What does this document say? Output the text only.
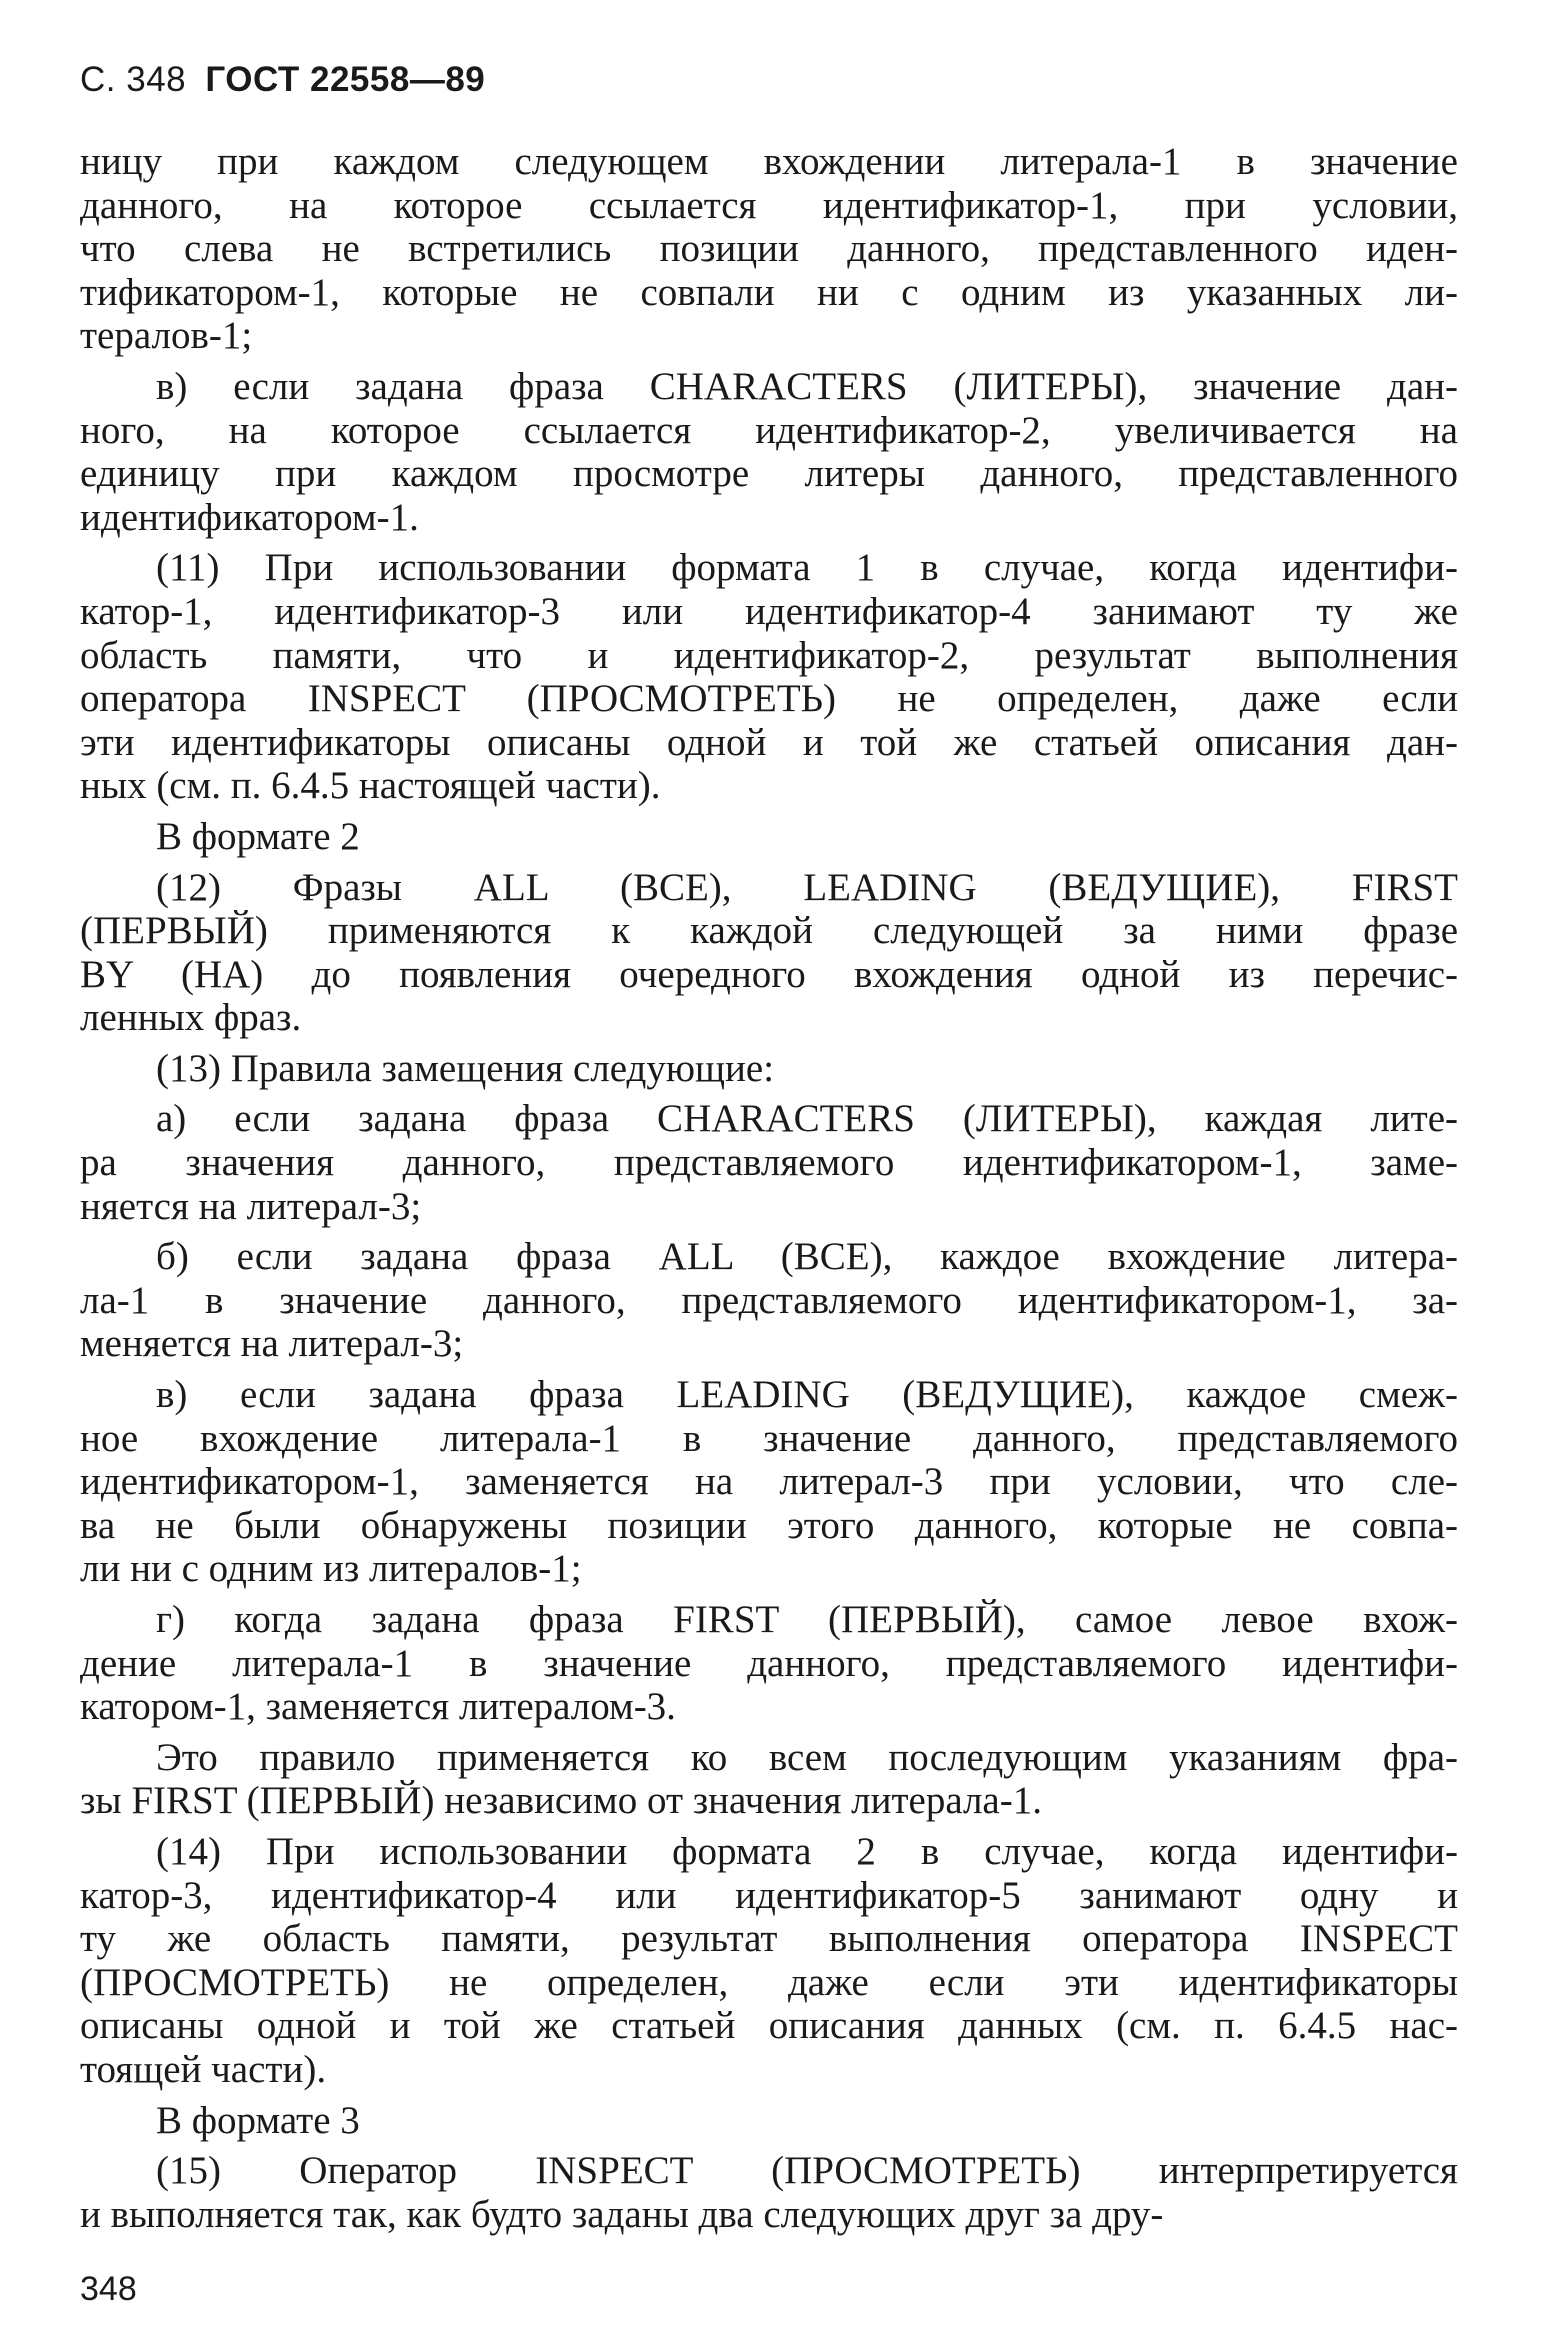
С. 348 ГОСТ 22558—89
ницу при каждом следующем вхождении литерала-1 в значение
данного, на которое ссылается идентификатор-1, при условии,
что слева не встретились позиции данного, представленного иден-
тификатором-1, которые не совпали ни с одним из указанных ли-
тералов-1;
в) если задана фраза CHARACTERS (ЛИТЕРЫ), значение дан-
ного, на которое ссылается идентификатор-2, увеличивается на
единицу при каждом просмотре литеры данного, представленного
идентификатором-1.
(11) При использовании формата 1 в случае, когда идентифи-
катор-1, идентификатор-3 или идентификатор-4 занимают ту же
область памяти, что и идентификатор-2, результат выполнения
оператора INSPECT (ПРОСМОТРЕТЬ) не определен, даже если
эти идентификаторы описаны одной и той же статьей описания дан-
ных (см. п. 6.4.5 настоящей части).
В формате 2
(12) Фразы ALL (ВСЕ), LEADING (ВЕДУЩИЕ), FIRST
(ПЕРВЫЙ) применяются к каждой следующей за ними фразе
BY (НА) до появления очередного вхождения одной из перечис-
ленных фраз.
(13) Правила замещения следующие:
а) если задана фраза CHARACTERS (ЛИТЕРЫ), каждая лите-
ра значения данного, представляемого идентификатором-1, заме-
няется на литерал-3;
б) если задана фраза ALL (ВСЕ), каждое вхождение литера-
ла-1 в значение данного, представляемого идентификатором-1, за-
меняется на литерал-3;
в) если задана фраза LEADING (ВЕДУЩИЕ), каждое смеж-
ное вхождение литерала-1 в значение данного, представляемого
идентификатором-1, заменяется на литерал-3 при условии, что сле-
ва не были обнаружены позиции этого данного, которые не совпа-
ли ни с одним из литералов-1;
г) когда задана фраза FIRST (ПЕРВЫЙ), самое левое вхож-
дение литерала-1 в значение данного, представляемого идентифи-
катором-1, заменяется литералом-3.
Это правило применяется ко всем последующим указаниям фра-
зы FIRST (ПЕРВЫЙ) независимо от значения литерала-1.
(14) При использовании формата 2 в случае, когда идентифи-
катор-3, идентификатор-4 или идентификатор-5 занимают одну и
ту же область памяти, результат выполнения оператора INSPECT
(ПРОСМОТРЕТЬ) не определен, даже если эти идентификаторы
описаны одной и той же статьей описания данных (см. п. 6.4.5 нас-
тоящей части).
В формате 3
(15) Оператор INSPECT (ПРОСМОТРЕТЬ) интерпретируется
и выполняется так, как будто заданы два следующих друг за дру-
348
